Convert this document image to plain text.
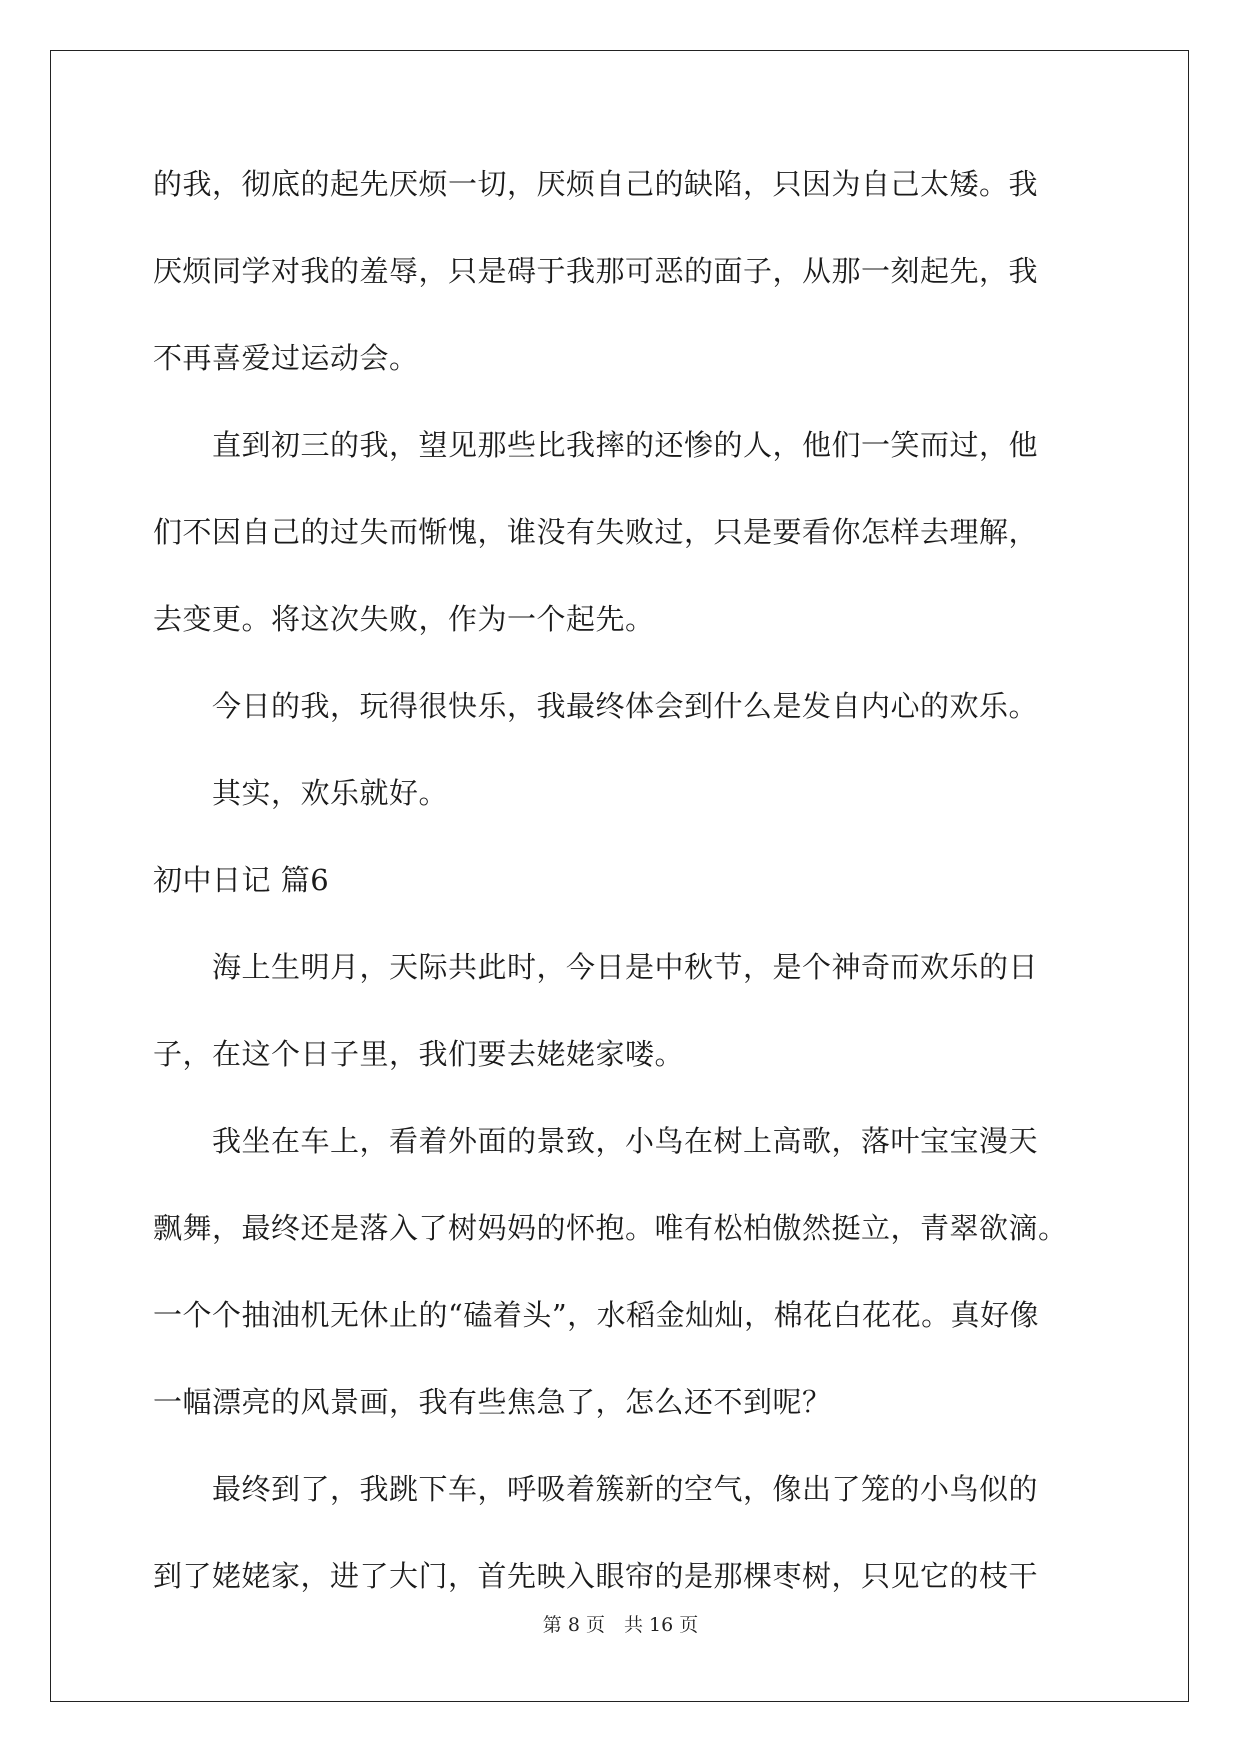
的我，彻底的起先厌烦一切，厌烦自己的缺陷，只因为自己太矮。我
厌烦同学对我的羞辱，只是碍于我那可恶的面子，从那一刻起先，我
不再喜爱过运动会。
　　直到初三的我，望见那些比我摔的还惨的人，他们一笑而过，他
们不因自己的过失而惭愧，谁没有失败过，只是要看你怎样去理解，
去变更。将这次失败，作为一个起先。
　　今日的我，玩得很快乐，我最终体会到什么是发自内心的欢乐。
　　其实，欢乐就好。
初中日记 篇6
　　海上生明月，天际共此时，今日是中秋节，是个神奇而欢乐的日
子，在这个日子里，我们要去姥姥家喽。
　　我坐在车上，看着外面的景致，小鸟在树上高歌，落叶宝宝漫天
飘舞，最终还是落入了树妈妈的怀抱。唯有松柏傲然挺立，青翠欲滴。
一个个抽油机无休止的“磕着头”，水稻金灿灿，棉花白花花。真好像
一幅漂亮的风景画，我有些焦急了，怎么还不到呢？
　　最终到了，我跳下车，呼吸着簇新的空气，像出了笼的小鸟似的
到了姥姥家，进了大门，首先映入眼帘的是那棵枣树，只见它的枝干
第 8 页　共 16 页
